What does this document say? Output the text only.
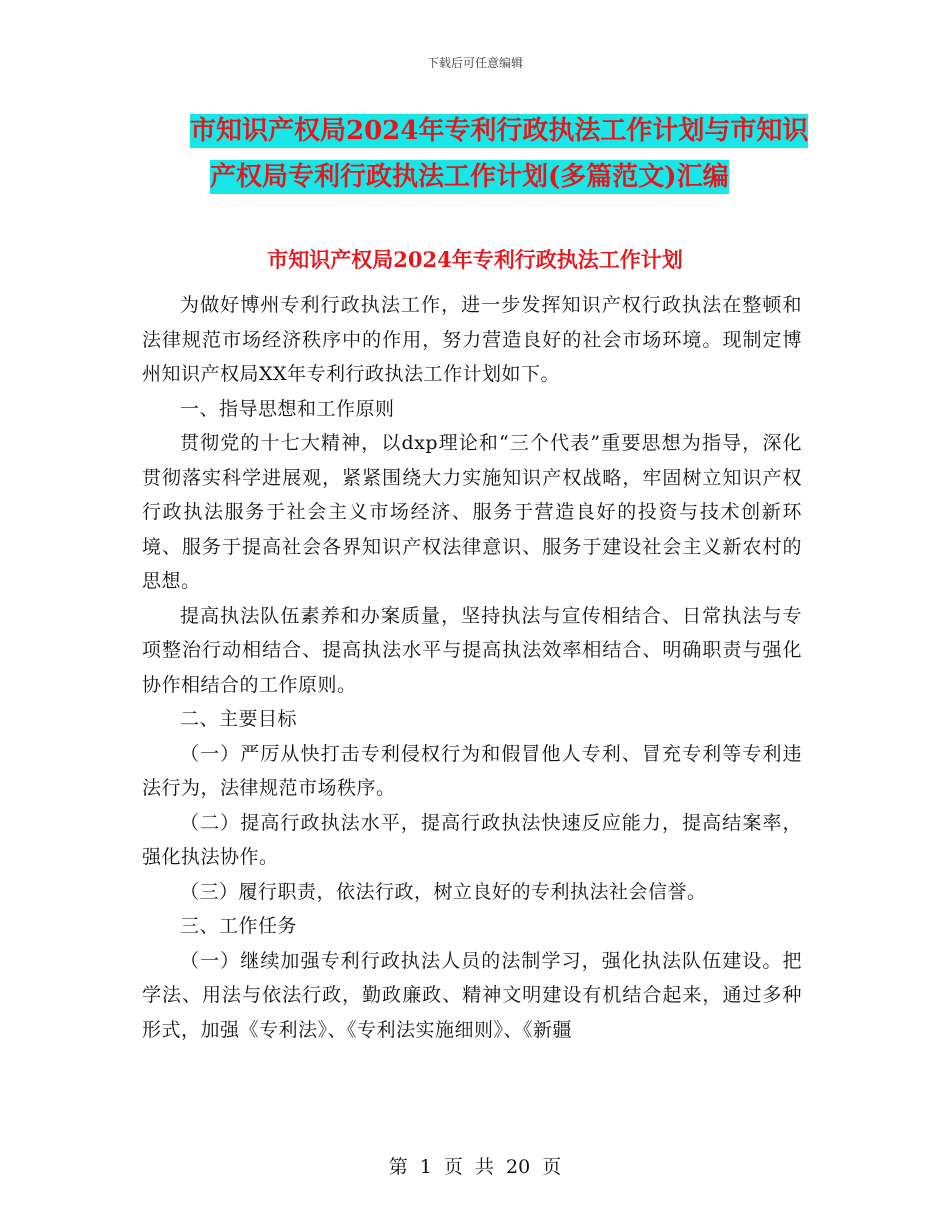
下载后可任意编辑
市知识产权局2024年专利行政执法工作计划与市知识
产权局专利行政执法工作计划(多篇范文)汇编
市知识产权局2024年专利行政执法工作计划

为做好博州专利行政执法工作，进一步发挥知识产权行政执法在整顿和法律规范市场经济秩序中的作用，努力营造良好的社会市场环境。现制定博州知识产权局XX年专利行政执法工作计划如下。

一、指导思想和工作原则

贯彻党的十七大精神，以dxp理论和“三个代表”重要思想为指导，深化贯彻落实科学进展观，紧紧围绕大力实施知识产权战略，牢固树立知识产权行政执法服务于社会主义市场经济、服务于营造良好的投资与技术创新环境、服务于提高社会各界知识产权法律意识、服务于建设社会主义新农村的思想。

提高执法队伍素养和办案质量，坚持执法与宣传相结合、日常执法与专项整治行动相结合、提高执法水平与提高执法效率相结合、明确职责与强化协作相结合的工作原则。

二、主要目标

（一）严厉从快打击专利侵权行为和假冒他人专利、冒充专利等专利违法行为，法律规范市场秩序。

（二）提高行政执法水平，提高行政执法快速反应能力，提高结案率，强化执法协作。

（三）履行职责，依法行政，树立良好的专利执法社会信誉。

三、工作任务

（一）继续加强专利行政执法人员的法制学习，强化执法队伍建设。把学法、用法与依法行政，勤政廉政、精神文明建设有机结合起来，通过多种形式，加强《专利法》、《专利法实施细则》、《新疆

第 1 页 共 20 页
